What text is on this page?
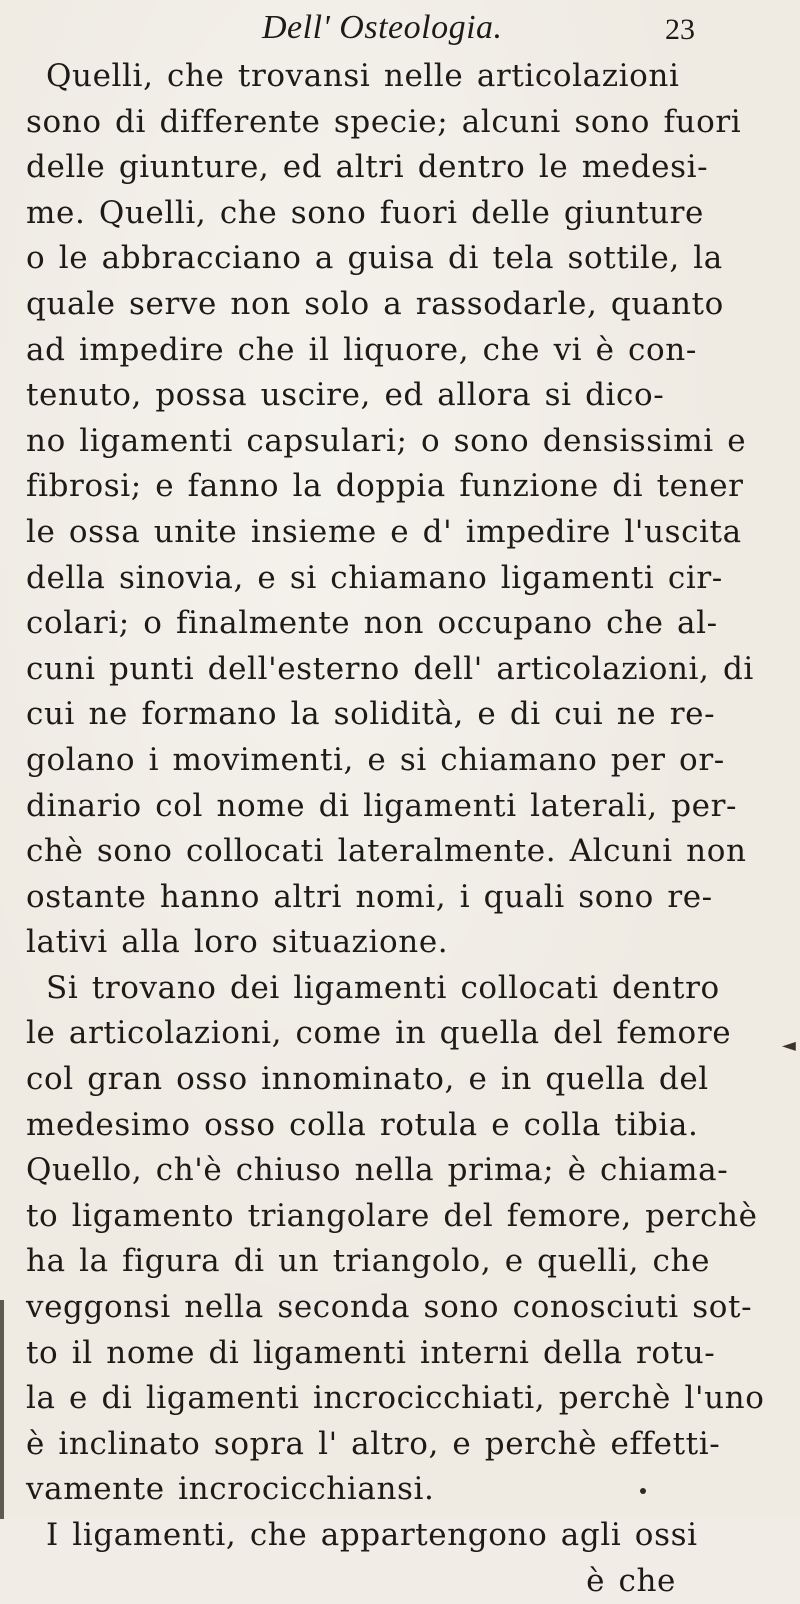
Dell' Osteologia.	23
Quelli, che trovansi nelle articolazioni
sono di differente specie; alcuni sono fuori
delle giunture, ed altri dentro le medesi-
me. Quelli, che sono fuori delle giunture
o le abbracciano a guisa di tela sottile, la
quale serve non solo a rassodarle, quanto
ad impedire che il liquore, che vi è con-
tenuto, possa uscire, ed allora si dico-
no ligamenti capsulari; o sono densissimi e
fibrosi; e fanno la doppia funzione di tener
le ossa unite insieme e d' impedire l'uscita
della sinovia, e si chiamano ligamenti cir-
colari; o finalmente non occupano che al-
cuni punti dell'esterno dell' articolazioni, di
cui ne formano la solidità, e di cui ne re-
golano i movimenti, e si chiamano per or-
dinario col nome di ligamenti laterali, per-
chè sono collocati lateralmente. Alcuni non
ostante hanno altri nomi, i quali sono re-
lativi alla loro situazione.
Si trovano dei ligamenti collocati dentro
le articolazioni, come in quella del femore
col gran osso innominato, e in quella del
medesimo osso colla rotula e colla tibia.
Quello, ch'è chiuso nella prima; è chiama-
to ligamento triangolare del femore, perchè
ha la figura di un triangolo, e quelli, che
veggonsi nella seconda sono conosciuti sot-
to il nome di ligamenti interni della rotu-
la e di ligamenti incrocicchiati, perchè l'uno
è inclinato sopra l' altro, e perchè effetti-
vamente incrocicchiansi.
I ligamenti, che appartengono agli ossi
è che
◄
